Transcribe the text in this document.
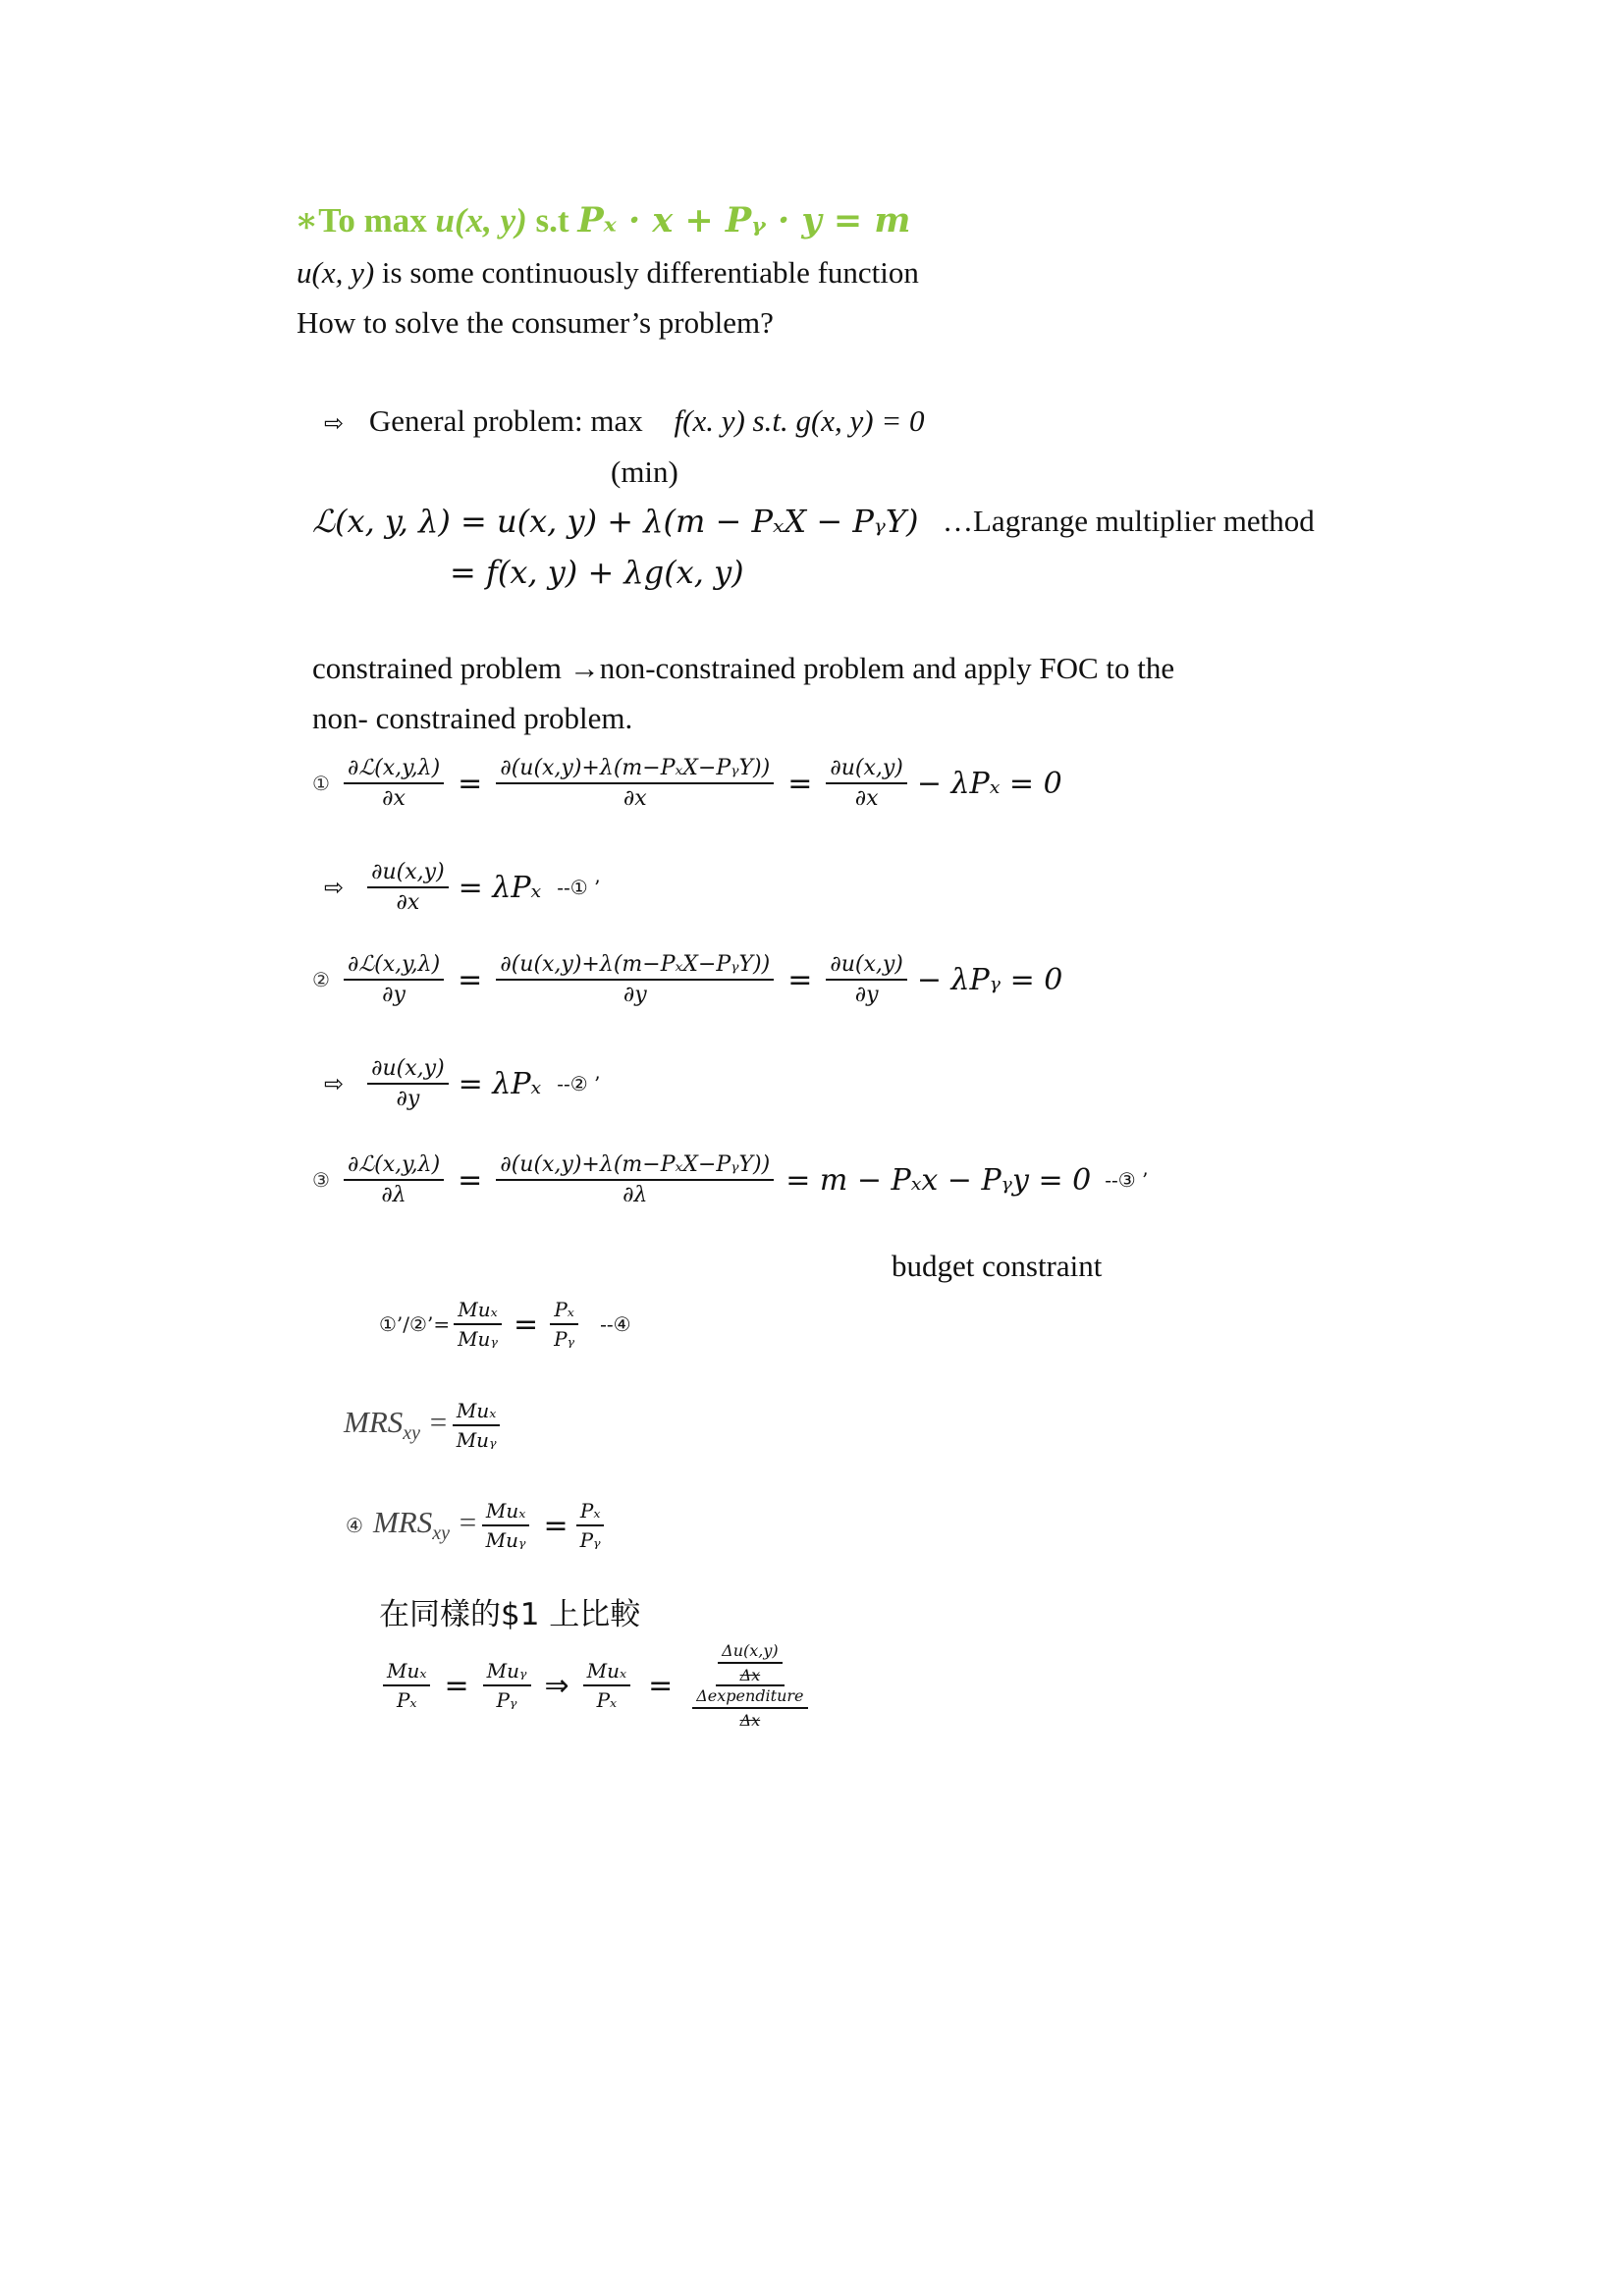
∗To max u(x, y) s.t Pₓ · x + Pᵧ · y = m
u(x, y) is some continuously differentiable function
How to solve the consumer’s problem?
⇨ General problem: max f(x. y) s.t. g(x, y) = 0
(min)
ℒ(x, y, λ) = u(x, y) + λ(m − PₓX − PᵧY) …Lagrange multiplier method
= f(x, y) + λg(x, y)
constrained problem →non-constrained problem and apply FOC to the
non- constrained problem.
① $\frac{\text{∂ℒ(x,y,λ)}}{\partial x} = \frac{\text{∂(u(x,y)+λ(m−PₓX−PᵧY))}}{\partial x} = \frac{\partial u(x,y)}{\partial x} - \lambda P_x = 0$
⇨ $\frac{\partial u(x,y)}{\partial x} = \lambda P_x$ --① ’
② $\frac{\text{∂ℒ(x,y,λ)}}{\partial y} = \frac{\text{∂(u(x,y)+λ(m−PₓX−PᵧY))}}{\partial y} = \frac{\partial u(x,y)}{\partial y}$ − λPᵧ = 0
⇨ $\frac{\partial u(x,y)}{\partial y} = \lambda P_x$ --② ’
③ $\frac{\text{∂ℒ(x,y,λ)}}{\partial\lambda} = \frac{\text{∂(u(x,y)+λ(m−PₓX−PᵧY))}}{\partial\lambda} = m - P_xx$ − Pᵧy = 0 --③ ’
budget constraint
①’/②’= $\frac{\text{Muₓ}}{\text{Muᵧ}} = \frac{\text{Pₓ}}{\text{Pᵧ}}$ --④
$MRS_{xy} = \frac{\text{Muₓ}}{\text{Muᵧ}}$
④ $MRS_{xy} = \frac{\text{Muₓ}}{\text{Muᵧ}} = \frac{\text{Pₓ}}{\text{Pᵧ}}$
在同樣的$1 上比較
$\frac{\text{Muₓ}}{\text{Pₓ}} = \frac{\text{Muᵧ}}{\text{Pᵧ}}$ ⇒ $\frac{\text{Muₓ}}{\text{Pₓ}} = \frac{\frac{\Delta u(x,y)}{\Delta x}}{\frac{\text{Δexpenditure}}{\Delta x}}$
